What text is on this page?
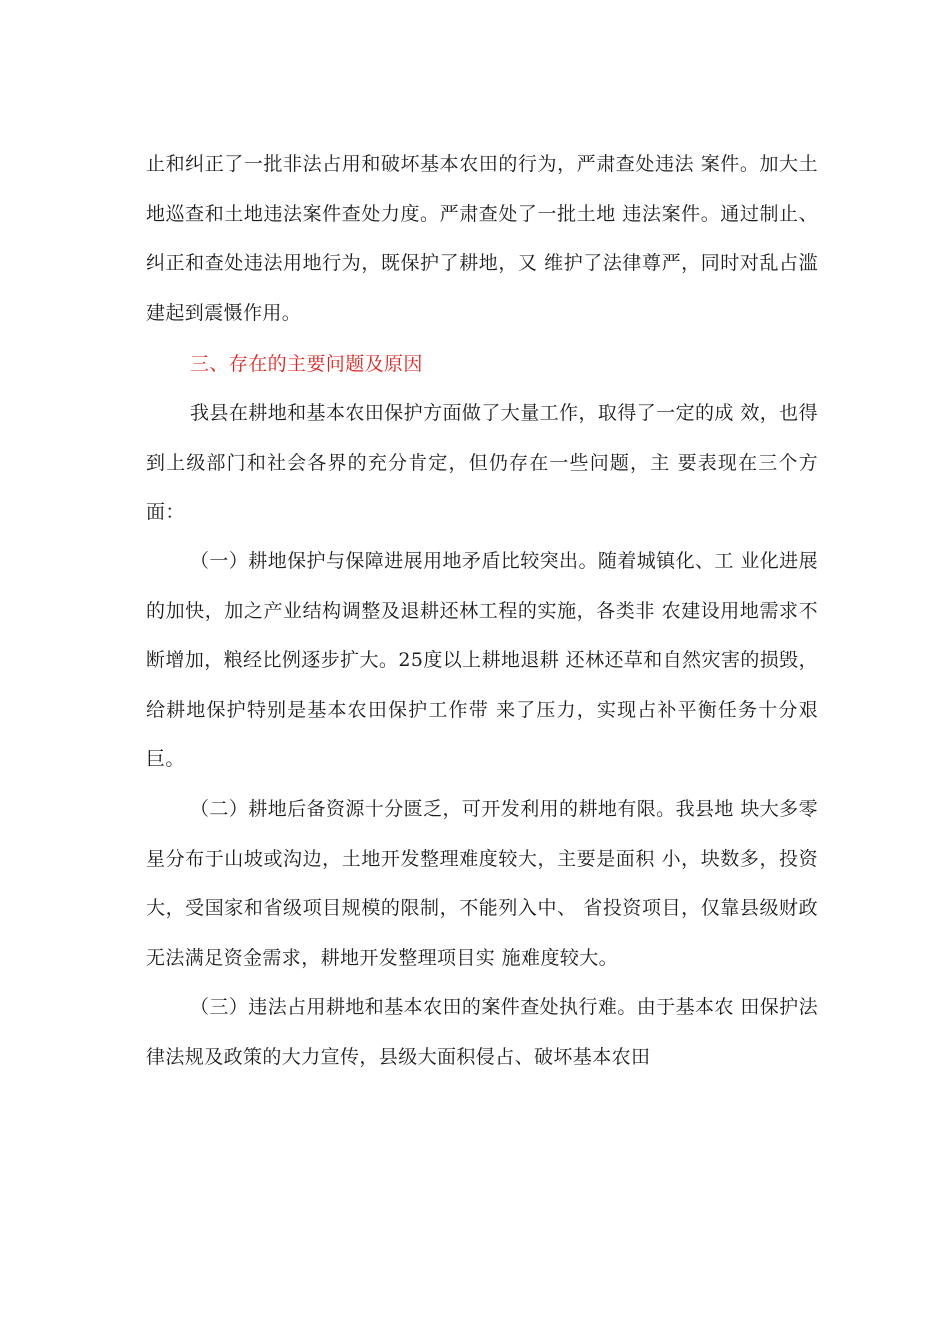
止和纠正了一批非法占用和破坏基本农田的行为，严肃查处违法 案件。加大土地巡查和土地违法案件查处力度。严肃查处了一批土地 违法案件。通过制止、纠正和查处违法用地行为，既保护了耕地，又 维护了法律尊严，同时对乱占滥建起到震慑作用。

三、存在的主要问题及原因

我县在耕地和基本农田保护方面做了大量工作，取得了一定的成 效，也得到上级部门和社会各界的充分肯定，但仍存在一些问题，主 要表现在三个方面：

（一）耕地保护与保障进展用地矛盾比较突出。随着城镇化、工 业化进展的加快，加之产业结构调整及退耕还林工程的实施，各类非 农建设用地需求不断增加，粮经比例逐步扩大。25度以上耕地退耕 还林还草和自然灾害的损毁，给耕地保护特别是基本农田保护工作带 来了压力，实现占补平衡任务十分艰巨。

（二）耕地后备资源十分匮乏，可开发利用的耕地有限。我县地 块大多零星分布于山坡或沟边，土地开发整理难度较大，主要是面积 小，块数多，投资大，受国家和省级项目规模的限制，不能列入中、 省投资项目，仅靠县级财政无法满足资金需求，耕地开发整理项目实 施难度较大。

（三）违法占用耕地和基本农田的案件查处执行难。由于基本农 田保护法律法规及政策的大力宣传，县级大面积侵占、破坏基本农田
